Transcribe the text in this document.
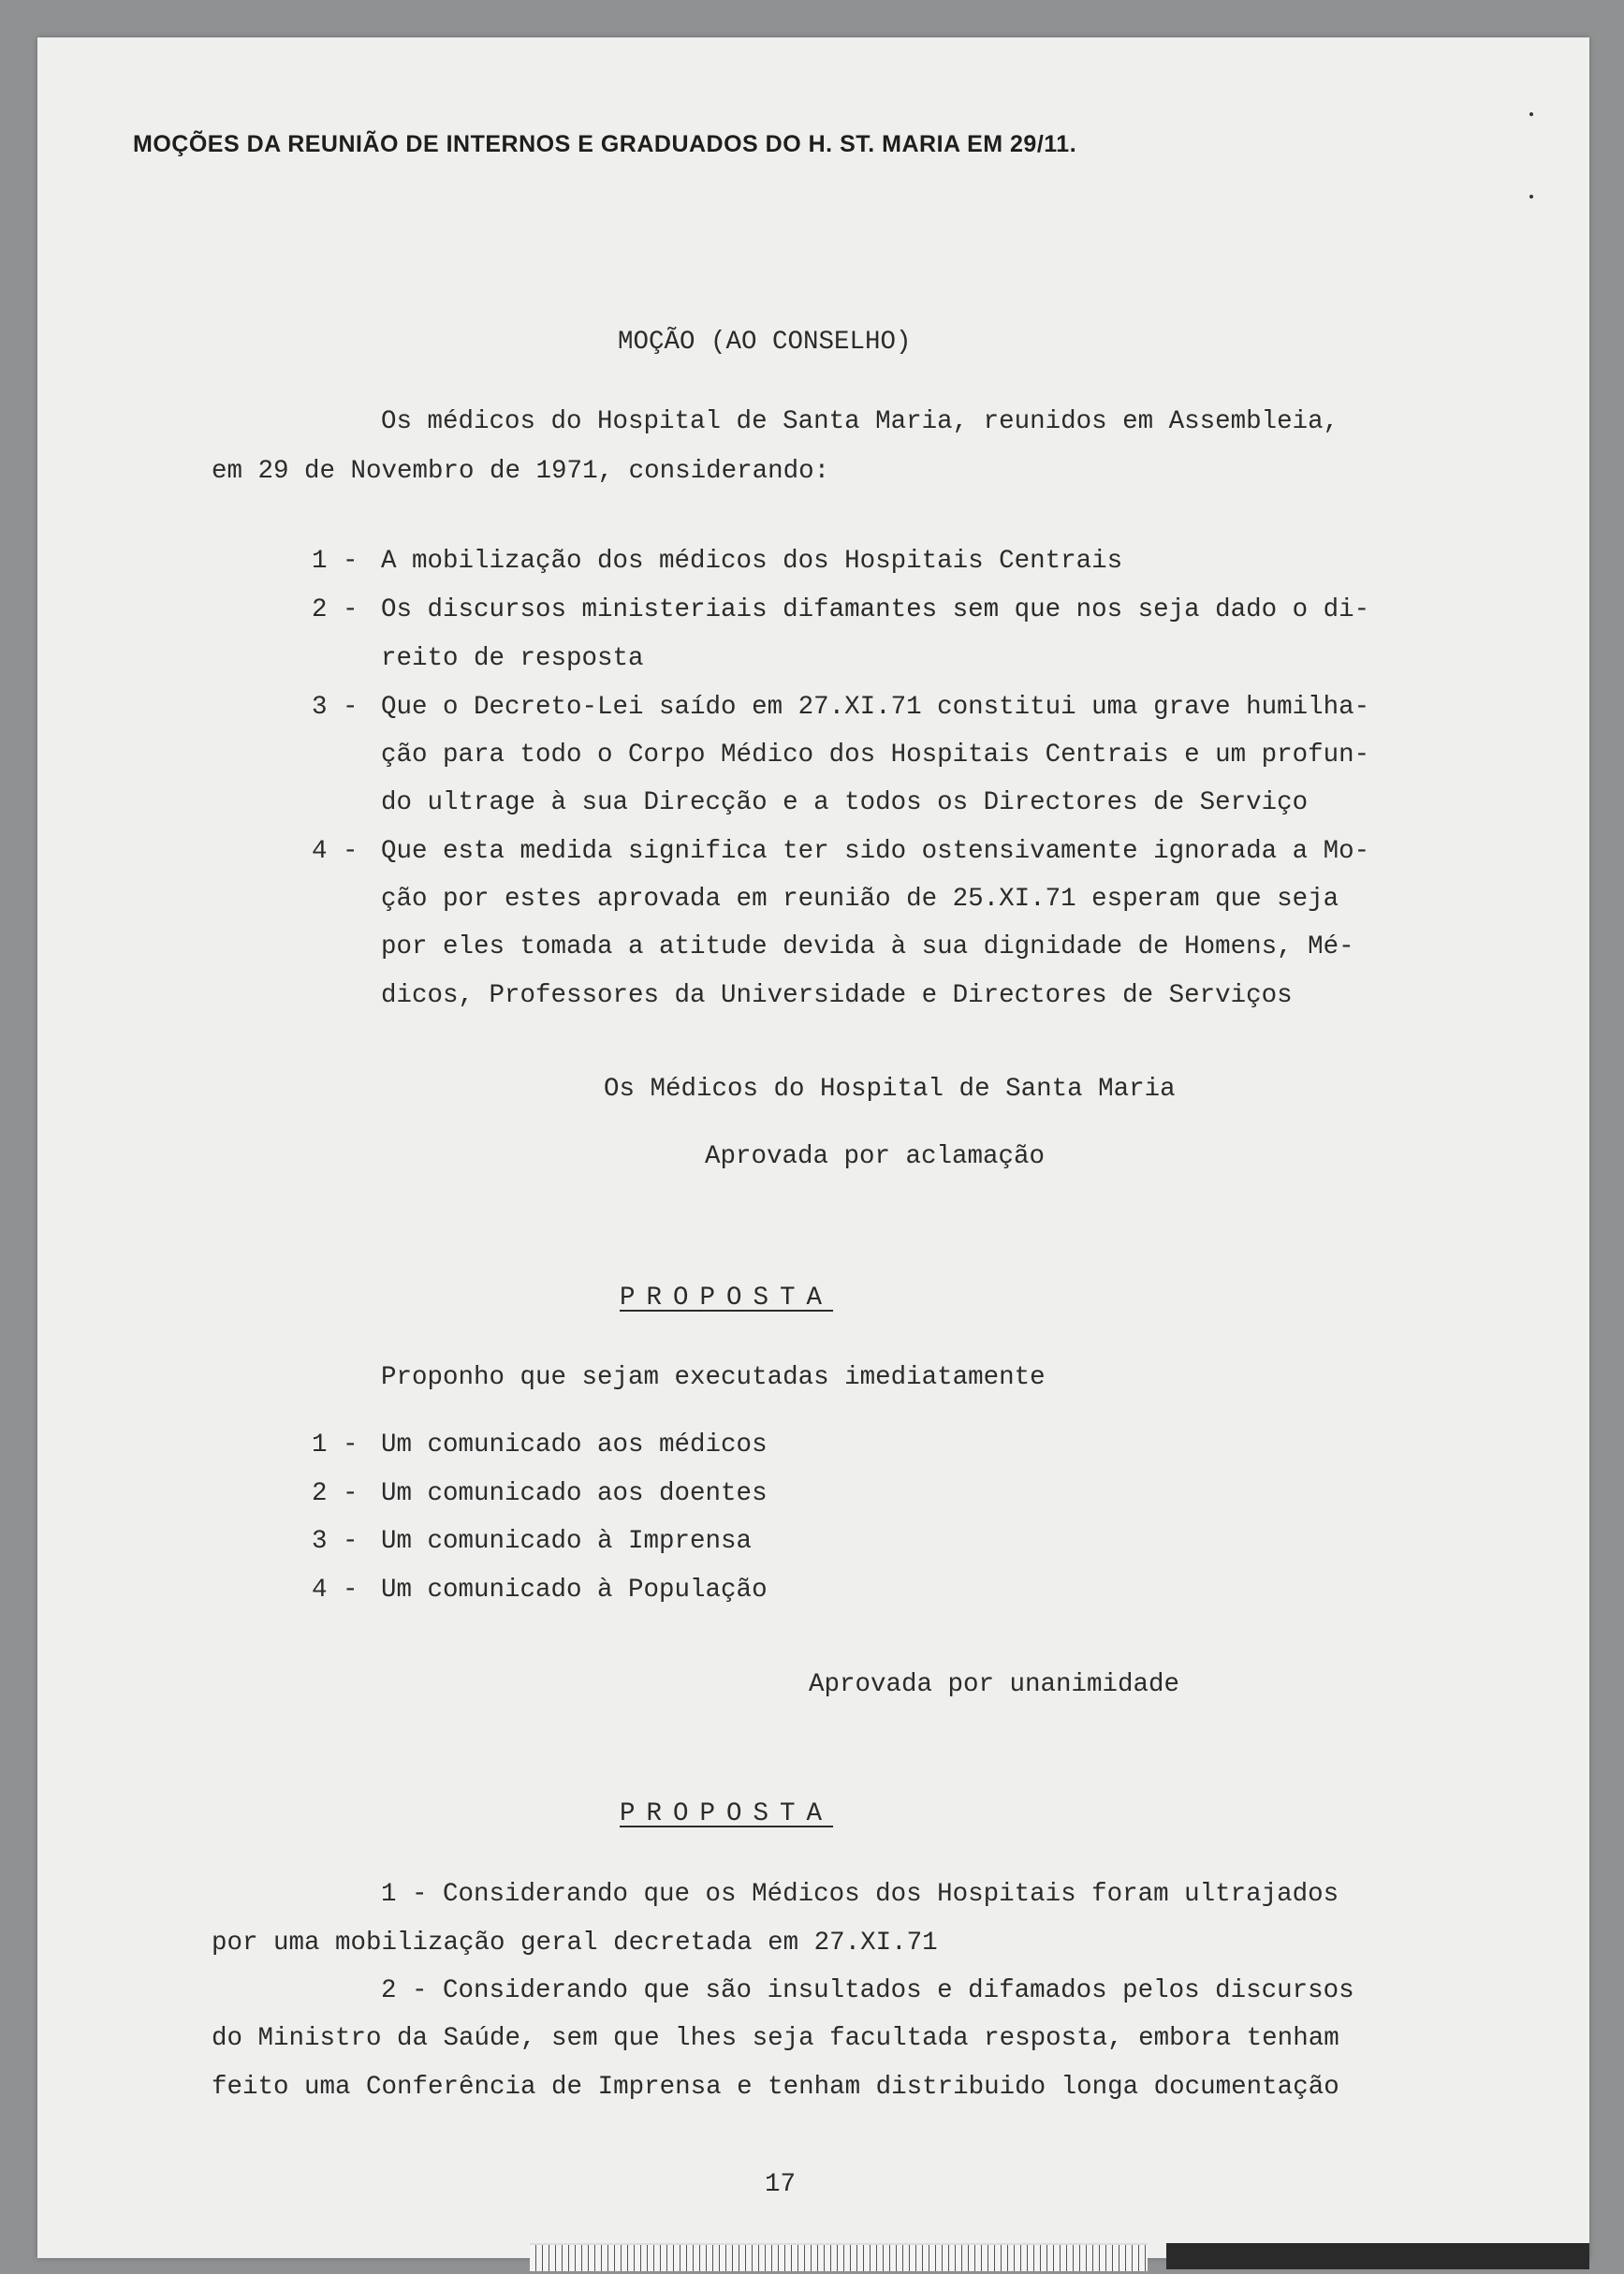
MOÇÕES DA REUNIÃO DE INTERNOS E GRADUADOS DO H. ST. MARIA EM 29/11.
MOÇÃO (AO CONSELHO)
Os médicos do Hospital de Santa Maria, reunidos em Assembleia,
em 29 de Novembro de 1971, considerando:
1 - A mobilização dos médicos dos Hospitais Centrais
2 - Os discursos ministeriais difamantes sem que nos seja dado o di-
reito de resposta
3 - Que o Decreto-Lei saído em 27.XI.71 constitui uma grave humilha-
ção para todo o Corpo Médico dos Hospitais Centrais e um profun-
do ultrage à sua Direcção e a todos os Directores de Serviço
4 - Que esta medida significa ter sido ostensivamente ignorada a Mo-
ção por estes aprovada em reunião de 25.XI.71 esperam que seja
por eles tomada a atitude devida à sua dignidade de Homens, Mé-
dicos, Professores da Universidade e Directores de Serviços
Os Médicos do Hospital de Santa Maria
Aprovada por aclamação
PROPOSTA
Proponho que sejam executadas imediatamente
1 - Um comunicado aos médicos
2 - Um comunicado aos doentes
3 - Um comunicado à Imprensa
4 - Um comunicado à População
Aprovada por unanimidade
PROPOSTA
1 - Considerando que os Médicos dos Hospitais foram ultrajados
por uma mobilização geral decretada em 27.XI.71
2 - Considerando que são insultados e difamados pelos discursos
do Ministro da Saúde, sem que lhes seja facultada resposta, embora tenham
feito uma Conferência de Imprensa e tenham distribuido longa documentação
17
